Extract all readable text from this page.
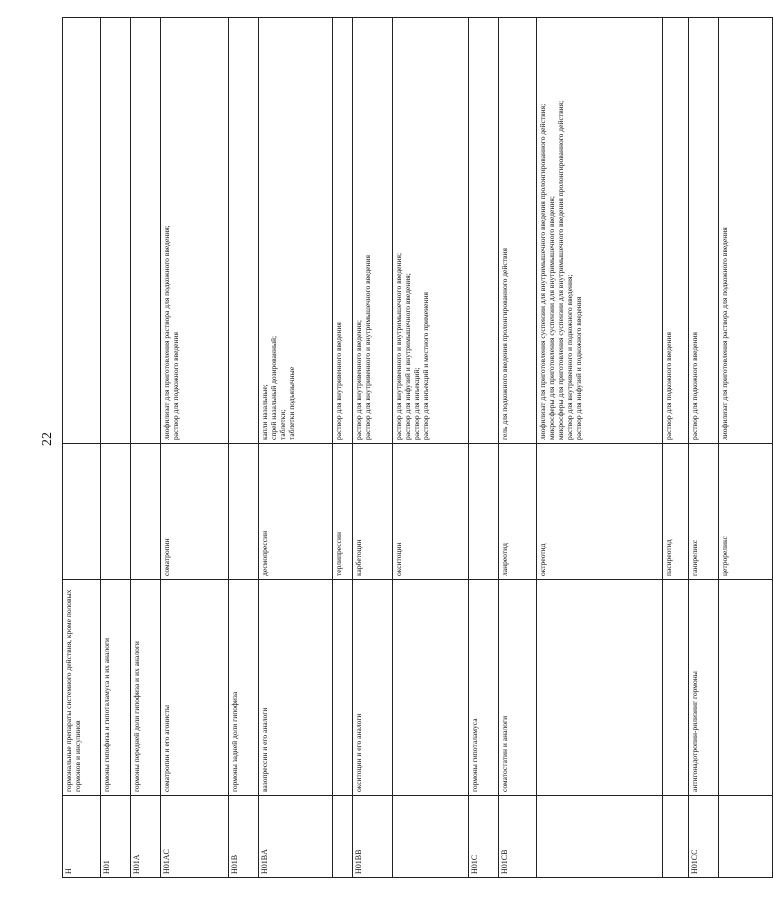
22
H	гормональные препараты системного действия, кроме половых гормонов и инсулинов		
H01	гормоны гипофиза и гипоталамуса и их аналоги		
H01A	гормоны передней доли гипофиза и их аналоги		
H01AC	соматропин и его агонисты	соматропин	лиофилизат для приготовления раствора для подкожного введения; раствор для подкожного введения

H01B	гормоны задней доли гипофиза		
H01BA	вазопрессин и его аналоги	десмопрессин	капли назальные; спрей назальный дозированный; таблетки; таблетки подъязычные

		терлипрессин	раствор для внутривенного введения

H01BB	окситоцин и его аналоги	карбетоцин	раствор для внутривенного введения; раствор для внутривенного и внутримышечного введения

		окситоцин	раствор для внутривенного и внутримышечного введения; раствор для инфузий и внутримышечного введения; раствор для инъекций; раствор для инъекций и местного применения

H01C	гормоны гипоталамуса		
H01CB	соматостатин и аналоги	ланреотид	гель для подкожного введения пролонгированного действия

		октреотид	лиофилизат для приготовления суспензии для внутримышечного введения пролонгированного действия; микросферы для приготовления суспензии для внутримышечного введения; микросферы для приготовления суспензии для внутримышечного введения пролонгированного действия; раствор для внутривенного и подкожного введения; раствор для инфузий и подкожного введения

		пасиреотид	раствор для подкожного введения

H01CC	антигонадотропин-рилизинг гормоны	ганиреликс	раствор для подкожного введения

		цетрореликс	лиофилизат для приготовления раствора для подкожного введения
